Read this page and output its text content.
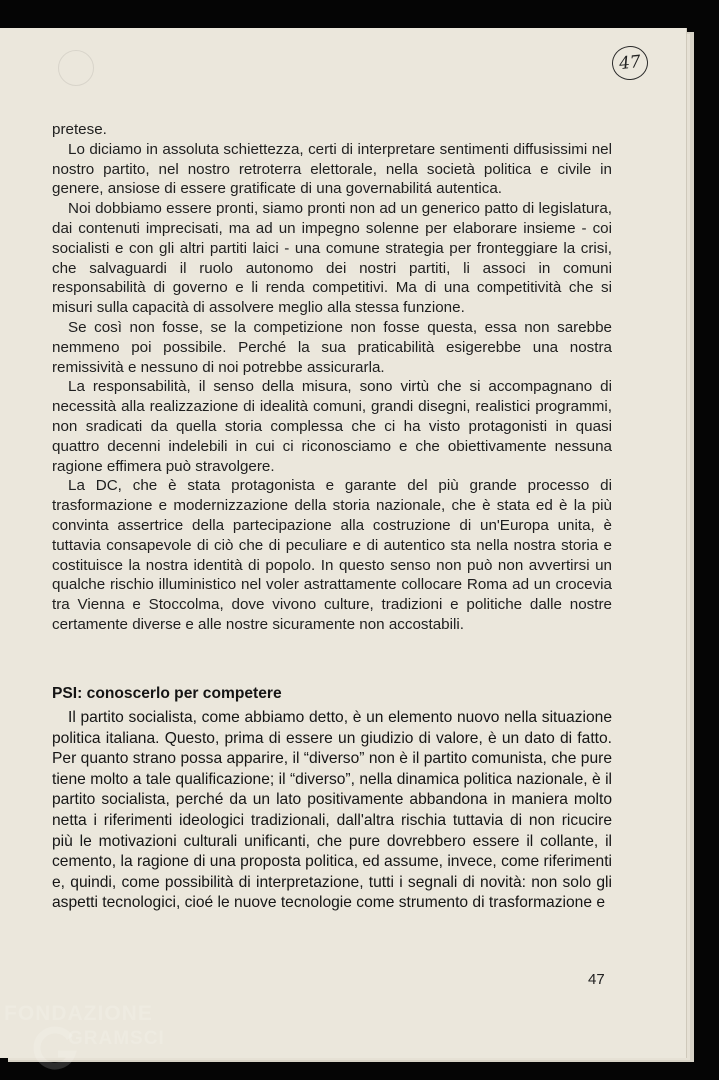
47

pretese.

Lo diciamo in assoluta schiettezza, certi di interpretare sentimenti diffusissimi nel nostro partito, nel nostro retroterra elettorale, nella società politica e civile in genere, ansiose di essere gratificate di una governabilitá autentica.

Noi dobbiamo essere pronti, siamo pronti non ad un generico patto di legislatura, dai contenuti imprecisati, ma ad un impegno solenne per elaborare insieme - coi socialisti e con gli altri partiti laici - una comune strategia per fronteggiare la crisi, che salvaguardi il ruolo autonomo dei nostri partiti, li associ in comuni responsabilità di governo e li renda competitivi. Ma di una competitività che si misuri sulla capacità di assolvere meglio alla stessa funzione.

Se così non fosse, se la competizione non fosse questa, essa non sarebbe nemmeno poi possibile. Perché la sua praticabilità esigerebbe una nostra remissività e nessuno di noi potrebbe assicurarla.

La responsabilità, il senso della misura, sono virtù che si accompagnano di necessità alla realizzazione di idealità comuni, grandi disegni, realistici programmi, non sradicati da quella storia complessa che ci ha visto protagonisti in quasi quattro decenni indelebili in cui ci riconosciamo e che obiettivamente nessuna ragione effimera può stravolgere.

La DC, che è stata protagonista e garante del più grande processo di trasformazione e modernizzazione della storia nazionale, che è stata ed è la più convinta assertrice della partecipazione alla costruzione di un'Europa unita, è tuttavia consapevole di ciò che di peculiare e di autentico sta nella nostra storia e costituisce la nostra identità di popolo. In questo senso non può non avvertirsi un qualche rischio illuministico nel voler astrattamente collocare Roma ad un crocevia tra Vienna e Stoccolma, dove vivono culture, tradizioni e politiche dalle nostre certamente diverse e alle nostre sicuramente non accostabili.

PSI: conoscerlo per competere

Il partito socialista, come abbiamo detto, è un elemento nuovo nella situazione politica italiana. Questo, prima di essere un giudizio di valore, è un dato di fatto. Per quanto strano possa apparire, il “diverso” non è il partito comunista, che pure tiene molto a tale qualificazione; il “diverso”, nella dinamica politica nazionale, è il partito socialista, perché da un lato positivamente abbandona in maniera molto netta i riferimenti ideologici tradizionali, dall'altra rischia tuttavia di non ricucire più le motivazioni culturali unificanti, che pure dovrebbero essere il collante, il cemento, la ragione di una proposta politica, ed assume, invece, come riferimenti e, quindi, come possibilità di interpretazione, tutti i segnali di novità: non solo gli aspetti tecnologici, cioé le nuove tecnologie come strumento di trasformazione e

47
FONDAZIONE
GRAMSCI
